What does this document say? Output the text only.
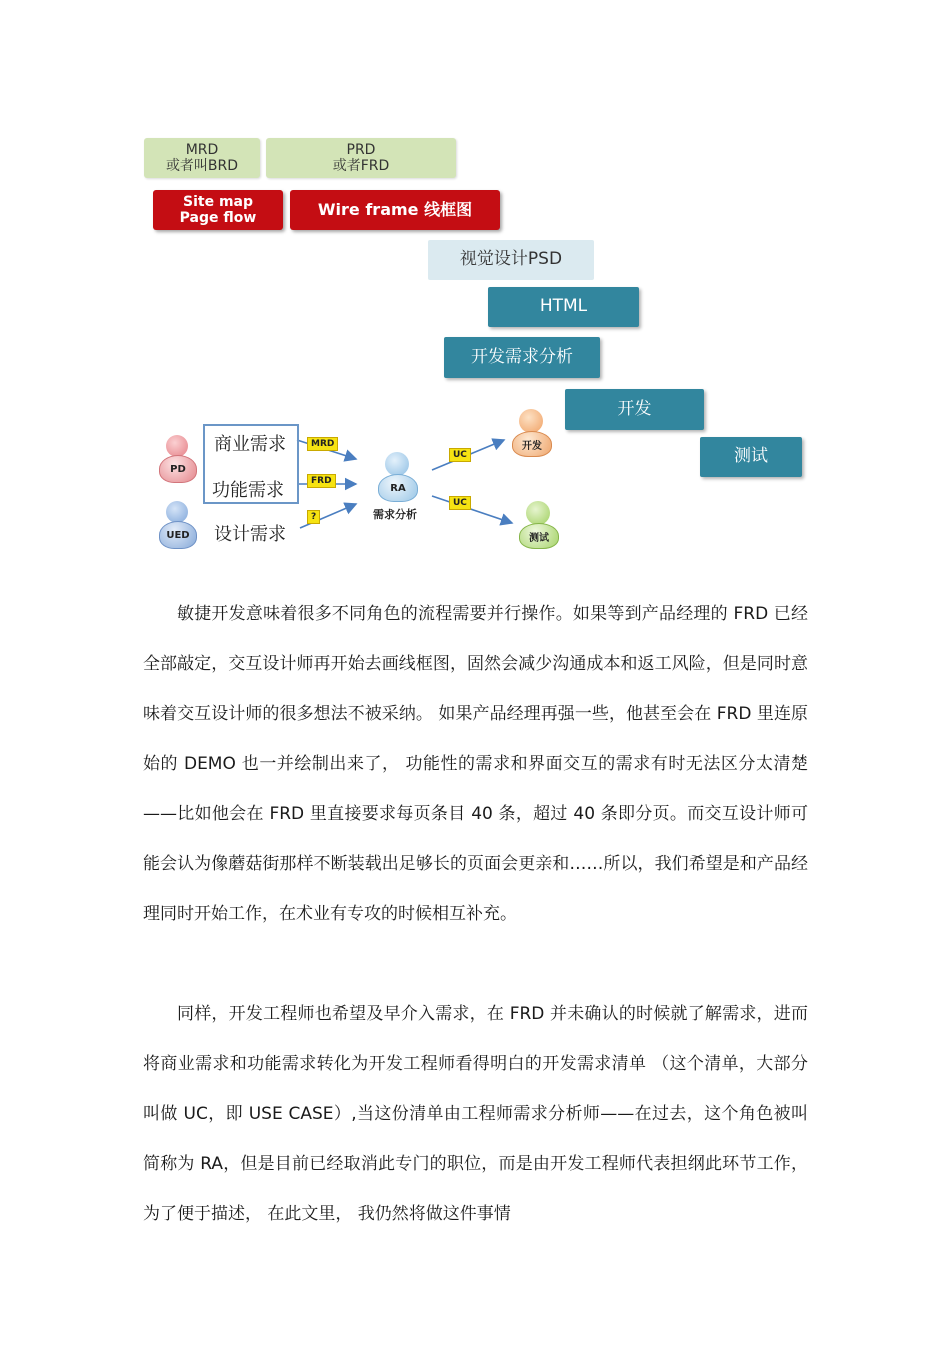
MRD
或者叫BRD
PRD
或者FRD
Site map
Page flow	Wire frame 线框图
视觉设计PSD
HTML
开发需求分析
开发
测试
PD
UED
商业需求
功能需求
设计需求
MRD
FRD
?
RA
需求分析
UC
UC
开发
测试

敏捷开发意味着很多不同角色的流程需要并行操作。如果等到产品经理的 FRD 已经全部敲定，交互设计师再开始去画线框图，固然会减少沟通成本和返工风险，但是同时意味着交互设计师的很多想法不被采纳。 如果产品经理再强一些，他甚至会在 FRD 里连原始的 DEMO 也一并绘制出来了， 功能性的需求和界面交互的需求有时无法区分太清楚——比如他会在 FRD 里直接要求每页条目 40 条，超过 40 条即分页。而交互设计师可能会认为像蘑菇街那样不断装载出足够长的页面会更亲和……所以，我们希望是和产品经理同时开始工作，在术业有专攻的时候相互补充。

同样，开发工程师也希望及早介入需求，在 FRD 并未确认的时候就了解需求，进而将商业需求和功能需求转化为开发工程师看得明白的开发需求清单 （这个清单，大部分叫做 UC，即 USE CASE）,当这份清单由工程师需求分析师——在过去，这个角色被叫简称为 RA，但是目前已经取消此专门的职位，而是由开发工程师代表担纲此环节工作， 为了便于描述， 在此文里， 我仍然将做这件事情
